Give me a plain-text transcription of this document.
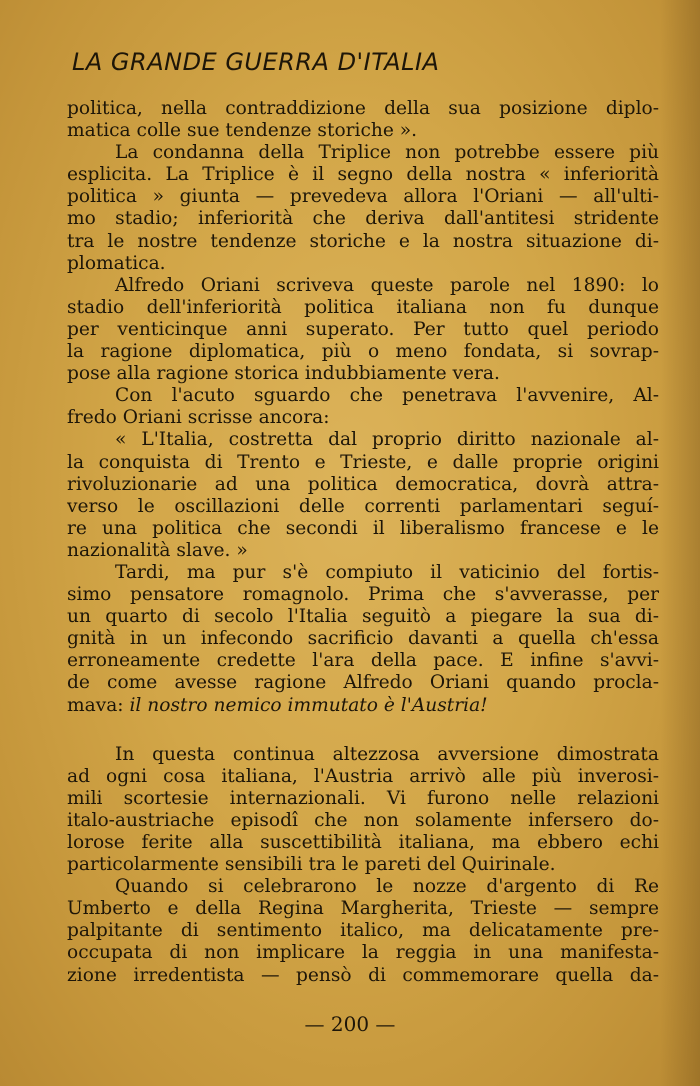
LA GRANDE GUERRA D'ITALIA
politica, nella contraddizione della sua posizione diplo-
matica colle sue tendenze storiche ».
La condanna della Triplice non potrebbe essere più
esplicita. La Triplice è il segno della nostra « inferiorità
politica » giunta — prevedeva allora l'Oriani — all'ulti-
mo stadio; inferiorità che deriva dall'antitesi stridente
tra le nostre tendenze storiche e la nostra situazione di-
plomatica.
Alfredo Oriani scriveva queste parole nel 1890: lo
stadio dell'inferiorità politica italiana non fu dunque
per venticinque anni superato. Per tutto quel periodo
la ragione diplomatica, più o meno fondata, si sovrap-
pose alla ragione storica indubbiamente vera.
Con l'acuto sguardo che penetrava l'avvenire, Al-
fredo Oriani scrisse ancora:
« L'Italia, costretta dal proprio diritto nazionale al-
la conquista di Trento e Trieste, e dalle proprie origini
rivoluzionarie ad una politica democratica, dovrà attra-
verso le oscillazioni delle correnti parlamentari seguí-
re una politica che secondi il liberalismo francese e le
nazionalità slave. »
Tardi, ma pur s'è compiuto il vaticinio del fortis-
simo pensatore romagnolo. Prima che s'avverasse, per
un quarto di secolo l'Italia seguitò a piegare la sua di-
gnità in un infecondo sacrificio davanti a quella ch'essa
erroneamente credette l'ara della pace. E infine s'avvi-
de come avesse ragione Alfredo Oriani quando procla-
mava: il nostro nemico immutato è l'Austria!
In questa continua altezzosa avversione dimostrata
ad ogni cosa italiana, l'Austria arrivò alle più inverosi-
mili scortesie internazionali. Vi furono nelle relazioni
italo-austriache episodî che non solamente infersero do-
lorose ferite alla suscettibilità italiana, ma ebbero echi
particolarmente sensibili tra le pareti del Quirinale.
Quando si celebrarono le nozze d'argento di Re
Umberto e della Regina Margherita, Trieste — sempre
palpitante di sentimento italico, ma delicatamente pre-
occupata di non implicare la reggia in una manifesta-
zione irredentista — pensò di commemorare quella da-
— 200 —
